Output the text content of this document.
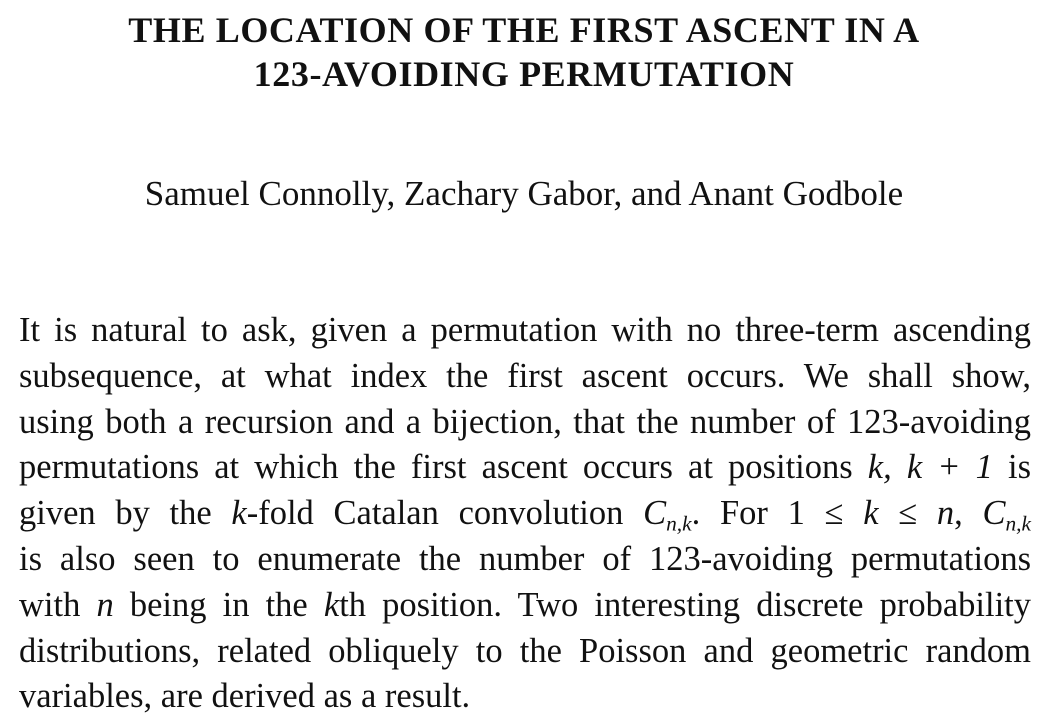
THE LOCATION OF THE FIRST ASCENT IN A
123-AVOIDING PERMUTATION

Samuel Connolly, Zachary Gabor, and Anant Godbole

It is natural to ask, given a permutation with no three-term ascending
subsequence, at what index the first ascent occurs. We shall show,
using both a recursion and a bijection, that the number of 123-avoiding
permutations at which the first ascent occurs at positions k, k + 1 is
given by the k-fold Catalan convolution $C_{n,k}$. For 1 ≤ k ≤ n, $C_{n,k}$
is also seen to enumerate the number of 123-avoiding permutations
with n being in the kth position. Two interesting discrete probability
distributions, related obliquely to the Poisson and geometric random
variables, are derived as a result.
